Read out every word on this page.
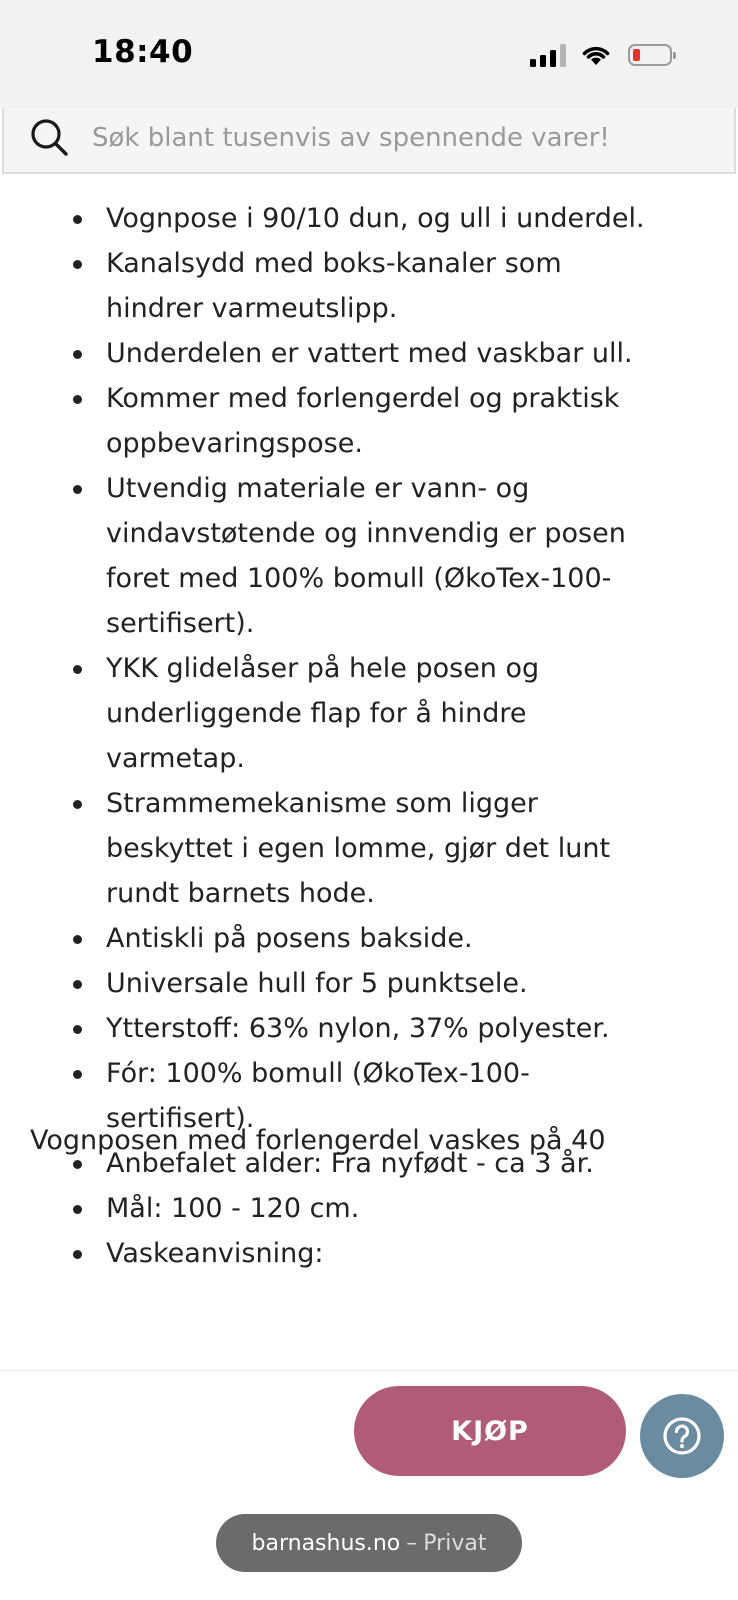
18:40
Søk blant tusenvis av spennende varer!
Vognpose i 90/10 dun, og ull i underdel.
Kanalsydd med boks-kanaler som
hindrer varmeutslipp.
Underdelen er vattert med vaskbar ull.
Kommer med forlengerdel og praktisk
oppbevaringspose.
Utvendig materiale er vann- og
vindavstøtende og innvendig er posen
foret med 100% bomull (ØkoTex-100-
sertifisert).
YKK glidelåser på hele posen og
underliggende flap for å hindre
varmetap.
Strammemekanisme som ligger
beskyttet i egen lomme, gjør det lunt
rundt barnets hode.
Antiskli på posens bakside.
Universale hull for 5 punktsele.
Ytterstoff: 63% nylon, 37% polyester.
Fór: 100% bomull (ØkoTex-100-
sertifisert).
Anbefalet alder: Fra nyfødt - ca 3 år.
Mål: 100 - 120 cm.
Vaskeanvisning:
Vognposen med forlengerdel vaskes på 40
KJØP
barnashus.no – Privat
